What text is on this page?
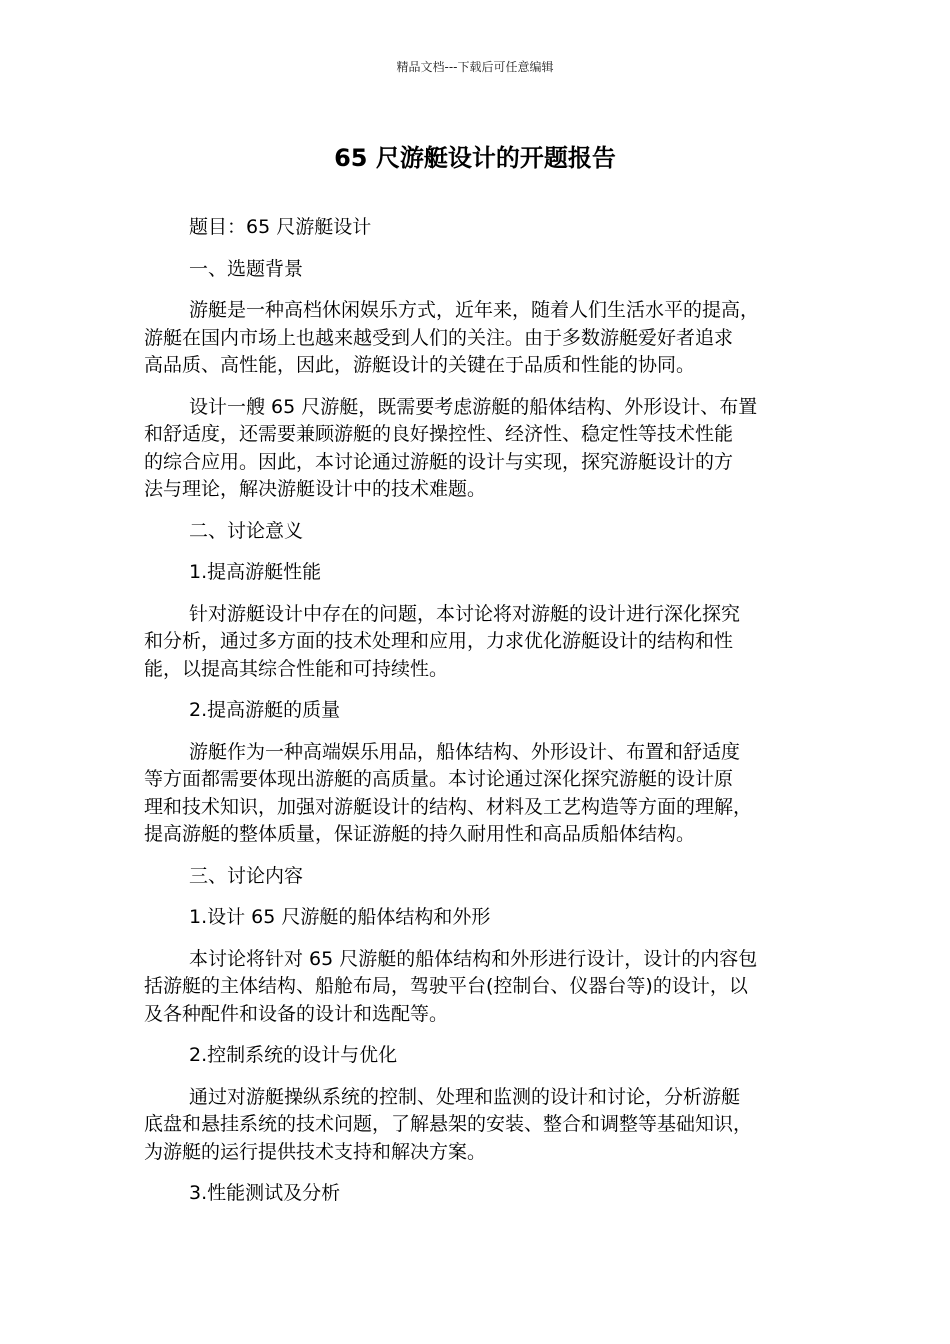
精品文档---下载后可任意编辑
65 尺游艇设计的开题报告

题目：65 尺游艇设计

一、选题背景

游艇是一种高档休闲娱乐方式，近年来，随着人们生活水平的提高，
游艇在国内市场上也越来越受到人们的关注。由于多数游艇爱好者追求
高品质、高性能，因此，游艇设计的关键在于品质和性能的协同。

设计一艘 65 尺游艇，既需要考虑游艇的船体结构、外形设计、布置
和舒适度，还需要兼顾游艇的良好操控性、经济性、稳定性等技术性能
的综合应用。因此，本讨论通过游艇的设计与实现，探究游艇设计的方
法与理论，解决游艇设计中的技术难题。

二、讨论意义

1.提高游艇性能

针对游艇设计中存在的问题，本讨论将对游艇的设计进行深化探究
和分析，通过多方面的技术处理和应用，力求优化游艇设计的结构和性
能，以提高其综合性能和可持续性。

2.提高游艇的质量

游艇作为一种高端娱乐用品，船体结构、外形设计、布置和舒适度
等方面都需要体现出游艇的高质量。本讨论通过深化探究游艇的设计原
理和技术知识，加强对游艇设计的结构、材料及工艺构造等方面的理解，
提高游艇的整体质量，保证游艇的持久耐用性和高品质船体结构。

三、讨论内容

1.设计 65 尺游艇的船体结构和外形

本讨论将针对 65 尺游艇的船体结构和外形进行设计，设计的内容包
括游艇的主体结构、船舱布局，驾驶平台(控制台、仪器台等)的设计，以
及各种配件和设备的设计和选配等。

2.控制系统的设计与优化

通过对游艇操纵系统的控制、处理和监测的设计和讨论，分析游艇
底盘和悬挂系统的技术问题，了解悬架的安装、整合和调整等基础知识，
为游艇的运行提供技术支持和解决方案。

3.性能测试及分析
